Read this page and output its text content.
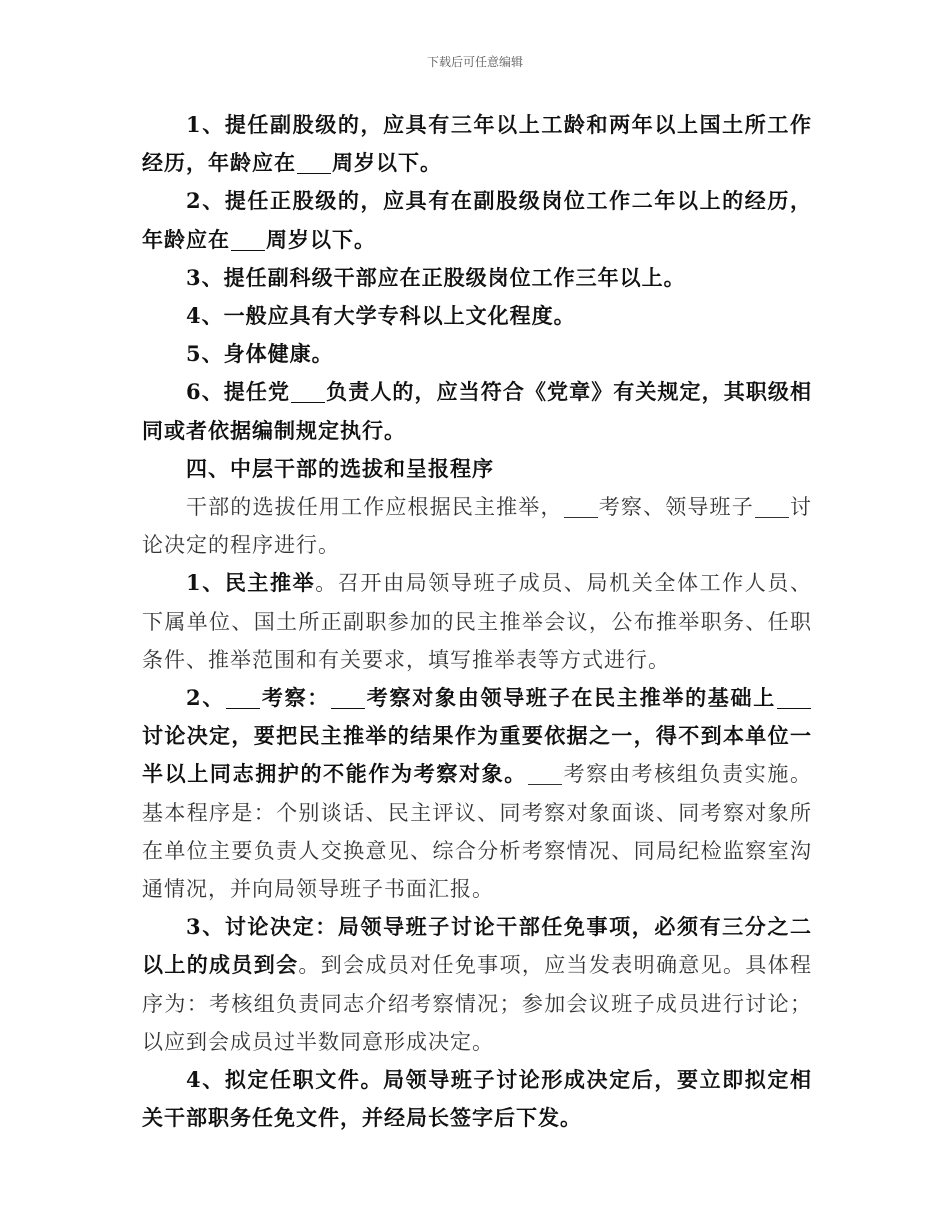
下载后可任意编辑

1、提任副股级的，应具有三年以上工龄和两年以上国土所工作经历，年龄应在 周岁以下。

2、提任正股级的，应具有在副股级岗位工作二年以上的经历，年龄应在 周岁以下。

3、提任副科级干部应在正股级岗位工作三年以上。

4、一般应具有大学专科以上文化程度。

5、身体健康。

6、提任党 负责人的，应当符合《党章》有关规定，其职级相同或者依据编制规定执行。

四、中层干部的选拔和呈报程序

干部的选拔任用工作应根据民主推举， 考察、领导班子 讨论决定的程序进行。

1、民主推举。召开由局领导班子成员、局机关全体工作人员、下属单位、国土所正副职参加的民主推举会议，公布推举职务、任职条件、推举范围和有关要求，填写推举表等方式进行。

2、 考察： 考察对象由领导班子在民主推举的基础上讨论决定，要把民主推举的结果作为重要依据之一，得不到本单位一半以上同志拥护的不能作为考察对象。 考察由考核组负责实施。基本程序是：个别谈话、民主评议、同考察对象面谈、同考察对象所在单位主要负责人交换意见、综合分析考察情况、同局纪检监察室沟通情况，并向局领导班子书面汇报。

3、讨论决定：局领导班子讨论干部任免事项，必须有三分之二以上的成员到会。到会成员对任免事项，应当发表明确意见。具体程序为：考核组负责同志介绍考察情况；参加会议班子成员进行讨论；以应到会成员过半数同意形成决定。

4、拟定任职文件。局领导班子讨论形成决定后，要立即拟定相关干部职务任免文件，并经局长签字后下发。
